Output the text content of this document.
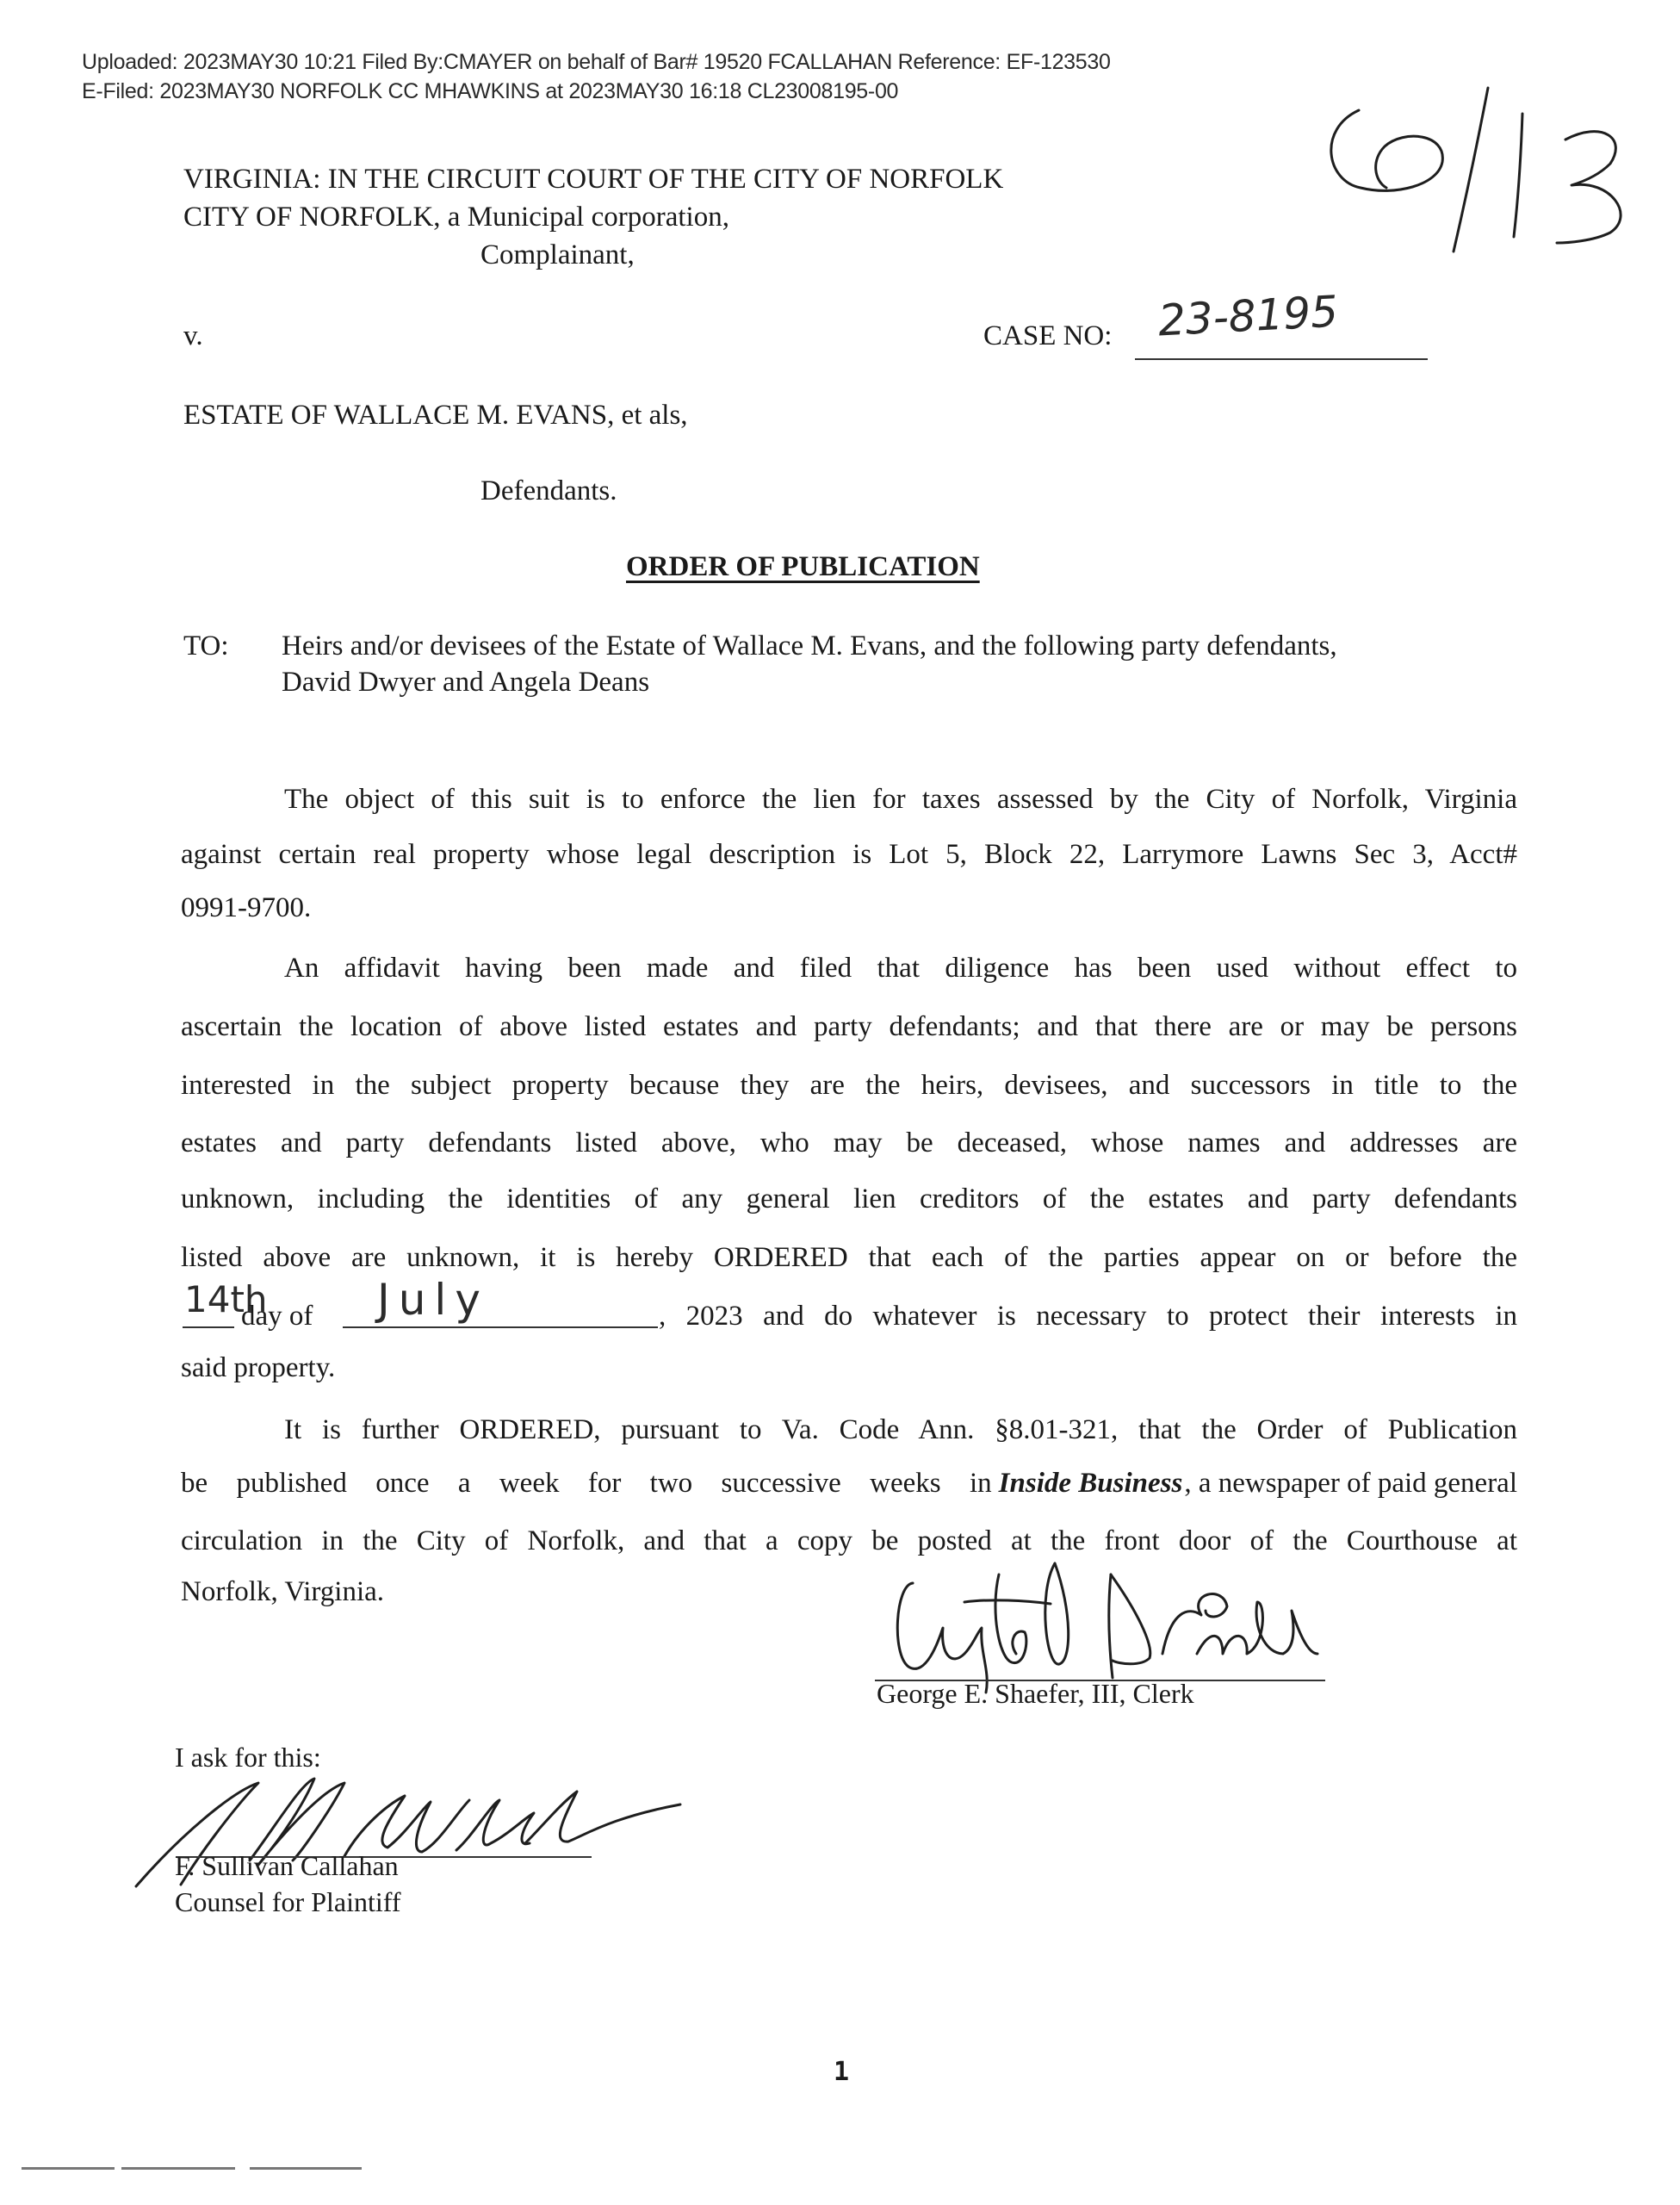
Uploaded: 2023MAY30 10:21 Filed By:CMAYER on behalf of Bar# 19520 FCALLAHAN Reference: EF-123530
E-Filed: 2023MAY30 NORFOLK CC MHAWKINS at 2023MAY30 16:18 CL23008195-00
VIRGINIA: IN THE CIRCUIT COURT OF THE CITY OF NORFOLK
CITY OF NORFOLK, a Municipal corporation,
Complainant,
v.	CASE NO: 23-8195
ESTATE OF WALLACE M. EVANS, et als,
Defendants.
ORDER OF PUBLICATION
TO: Heirs and/or devisees of the Estate of Wallace M. Evans, and the following party defendants,
David Dwyer and Angela Deans
The object of this suit is to enforce the lien for taxes assessed by the City of Norfolk, Virginia
against certain real property whose legal description is Lot 5, Block 22, Larrymore Lawns Sec 3, Acct#
0991-9700.
An affidavit having been made and filed that diligence has been used without effect to
ascertain the location of above listed estates and party defendants; and that there are or may be persons
interested in the subject property because they are the heirs, devisees, and successors in title to the
estates and party defendants listed above, who may be deceased, whose names and addresses are
unknown, including the identities of any general lien creditors of the estates and party defendants
listed above are unknown, it is hereby ORDERED that each of the parties appear on or before the
14th
day of July	, 2023 and do whatever is necessary to protect their interests in
said property.
It is further ORDERED, pursuant to Va. Code Ann. §8.01-321, that the Order of Publication
be published once a week for two successive weeks in Inside Business , a newspaper of paid general
circulation in the City of Norfolk, and that a copy be posted at the front door of the Courthouse at
Norfolk, Virginia.
George E. Shaefer, III, Clerk
I ask for this:
F. Sullivan Callahan
Counsel for Plaintiff
1
